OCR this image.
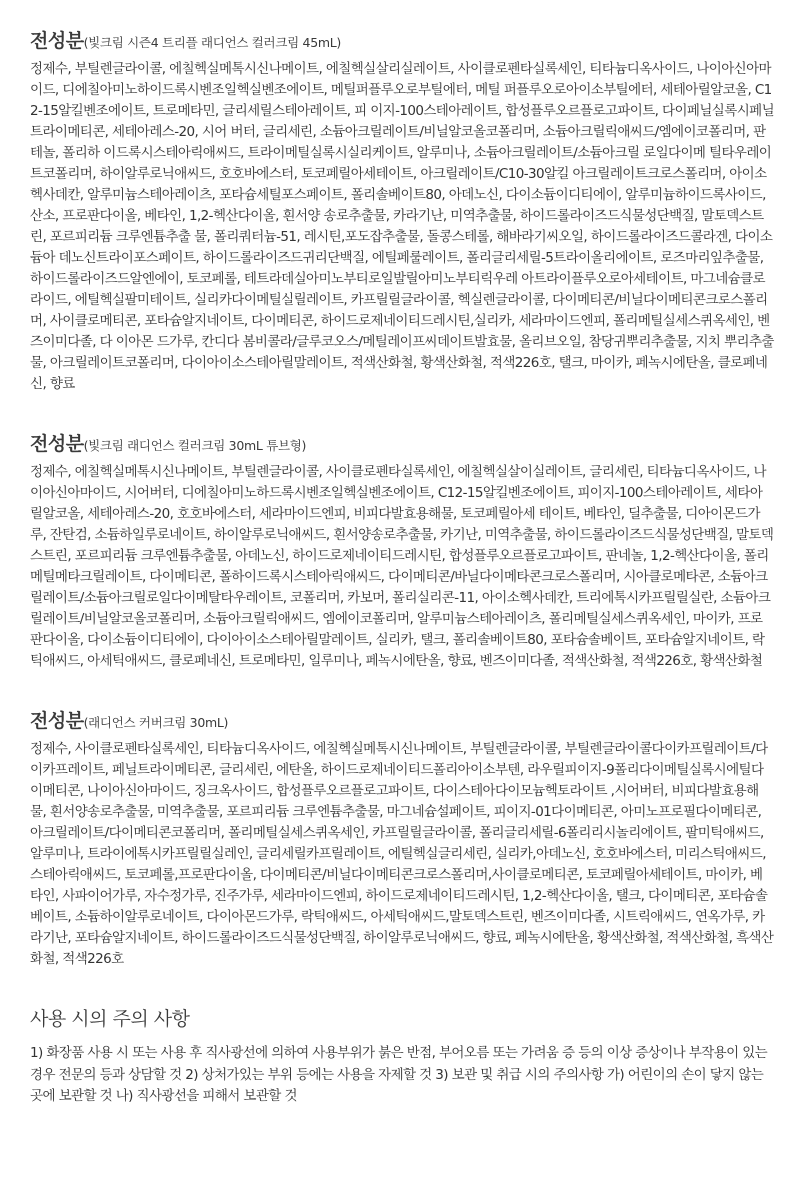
전성분 (빛크림 시즌4 트리플 래디언스 컬러크림 45mL)

정제수, 부틸렌글라이콜, 에칠헥실메톡시신나메이트, 에칠헥실살리실레이트, 사이클로펜타실록세인, 티타늄디옥사이드, 나이아신아마이드, 디에칠아미노하이드록시벤조일헥실벤조에이트, 메틸퍼플루오로부틸에터, 메틸 퍼플루오로아이소부틸에터, 세테아릴알코올, C12-15알킬벤조에이트, 트로메타민, 글리세릴스테아레이트, 피 이지-100스테아레이트, 합성플루오르플로고파이트, 다이페닐실록시페닐트라이메티콘, 세테아레스-20, 시어 버터, 글리세린, 소듐아크릴레이트/비닐알코올코폴리머, 소듐아크릴릭애씨드/엠에이코폴리머, 판테놀, 폴리하 이드록시스테아릭애씨드, 트라이메틸실록시실리케이트, 알루미나, 소듐아크릴레이트/소듐아크릴 로일다이메 틸타우레이트코폴리머, 하이알루로닉애씨드, 호호바에스터, 토코페릴아세테이트, 아크릴레이트/C10-30알킬 아크릴레이트크로스폴리머, 아이소헥사데칸, 알루미늄스테아레이츠, 포타슘세틸포스페이트, 폴리솔베이트80, 아데노신, 다이소듐이디티에이, 알루미늄하이드록사이드, 산소, 프로판다이올, 베타인, 1,2-헥산다이올, 흰서양 송로추출물, 카라기난, 미역추출물, 하이드롤라이즈드식물성단백질, 말토덱스트린, 포르피리듐 크루엔튬추출 물, 폴리쿼터늄-51, 레시틴,포도잡추출물, 돌콩스테롤, 해바라기씨오일, 하이드롤라이즈드콜라겐, 다이소듐아 데노신트라이포스페이트, 하이드롤라이즈드귀리단백질, 에틸페룰레이트, 폴리글리세릴-5트라이올리에이트, 로즈마리잎추출물, 하이드롤라이즈드알엔에이, 토코페롤, 테트라데실아미노부티로일발릴아미노부티릭우레 아트라이플루오로아세테이트, 마그네슘클로라이드, 에틸헥실팔미테이트, 실리카다이메틸실릴레이트, 카프릴릴글라이콜, 헥실렌글라이콜, 다이메티콘/비닐다이메티콘크로스폴리머, 사이클로메티콘, 포타슘알지네이트, 다이메티콘, 하이드로제네이티드레시틴,실리카, 세라마이드엔피, 폴리메틸실세스퀴옥세인, 벤즈이미다졸, 다 이아몬 드가루, 칸디다 봄비콜라/글루코오스/메틸레이프씨데이트발효물, 올리브오일, 참당귀뿌리추출물, 지치 뿌리추출물, 아크릴레이트코폴리머, 다이아이소스테아릴말레이트, 적색산화철, 황색산화철, 적색226호, 탤크, 마이카, 페녹시에탄올, 클로페네신, 향료

전성분 (빛크림 래디언스 컬러크림 30mL 튜브형)

정제수, 에칠헥실메톡시신나메이트, 부틸렌글라이콜, 사이클로펜타실록세인, 에칠헥실살이실레이트, 글리세린, 티타늄디옥사이드, 나이아신아마이드, 시어버터, 디에칠아미노하드록시벤조일헥실벤조에이트, C12-15알킬벤조에이트, 피이지-100스테아레이트, 세타아릴알코올, 세테아레스-20, 호호바에스터, 세라마이드엔피, 비피다발효용해물, 토코페릴아세 테이트, 베타인, 딜추출물, 디아이몬드가루, 잔탄검, 소듐하일루로네이트, 하이알루로닉애씨드, 흰서양송로추출물, 카기난, 미역추출물, 하이드롤라이즈드식물성단백질, 말토덱스트린, 포르피리듐 크루엔튬추출물, 아데노신, 하이드로제네이티드레시틴, 합성플루오르플로고파이트, 판네놀, 1,2-헥산다이올, 폴리메틸메타크릴레이트, 다이메티콘, 폴하이드록시스테아릭애씨드, 다이메티콘/바닐다이메타콘크로스폴리머, 시아클로메타콘, 소듐아크릴레이트/소듐아크릴로일다이메탈타우레이트, 코폴리머, 카보머, 폴리실리콘-11, 아이소헥사데칸, 트리에톡시카프릴릴실란, 소듐아크릴레이트/비닐알코올코폴리머, 소듐아크릴릭애씨드, 엠에이코폴리머, 알루미늄스테아레이츠, 폴리메틸실세스퀴옥세인, 마이카, 프로판다이올, 다이소듐이디티에이, 다이아이소스테아릴말레이트, 실리카, 탤크, 폴리솔베이트80, 포타슘솔베이트, 포타슘알지네이트, 락틱애씨드, 아세틱애씨드, 클로페네신, 트로메타민, 일루미나, 페녹시에탄올, 향료, 벤즈이미다졸, 적색산화철, 적색226호, 황색산화철

전성분 (래디언스 커버크림 30mL)

정제수, 사이클로펜타실록세인, 티타늄디옥사이드, 에칠헥실메톡시신나메이트, 부틸렌글라이콜, 부틸렌글라이콜다이카프릴레이트/다이카프레이트, 페닐트라이메티콘, 글리세린, 에탄올, 하이드로제네이티드폴리아이소부텐, 라우릴피이지-9폴리다이메틸실록시에틸다이메티콘, 나이아신아마이드, 징크옥사이드, 합성플루오르플로고파이트, 다이스테아다이모늄헥토라이트 ,시어버터, 비피다발효용해물, 흰서양송로추출물, 미역추출물, 포르피리듐 크루엔튬추출물, 마그네슘설페이트, 피이지-01다이메티콘, 아미노프로필다이메티콘, 아크릴레이트/다이메티콘코폴리머, 폴리메틸실세스퀴옥세인, 카프릴릴글라이콜, 폴리글리세릴-6폴리리시놀리에이트, 팔미틱애씨드, 알루미나, 트라이에톡시카프릴릴실레인, 글리세릴카프릴레이트, 에틸헥실글리세린, 실리카,아데노신, 호호바에스터, 미리스틱애씨드, 스테아릭애씨드, 토코페롤,프로판다이올, 다이메티콘/비닐다이메티콘크로스폴리머,사이클로메티콘, 토코페릴아세테이트, 마이카, 베타인, 사파이어가루, 자수정가루, 진주가루, 세라마이드엔피, 하이드로제네이티드레시틴, 1,2-헥산다이올, 탤크, 다이메티콘, 포타슘솔베이트, 소듐하이알루로네이트, 다이아몬드가루, 락틱애씨드, 아세틱애씨드,말토덱스트린, 벤즈이미다졸, 시트릭애씨드, 연옥가루, 카라기난, 포타슘알지네이트, 하이드롤라이즈드식물성단백질, 하이알루로닉애씨드, 향료, 페녹시에탄올, 황색산화철, 적색산화철, 흑색산화철, 적색226호

사용 시의 주의 사항

1) 화장품 사용 시 또는 사용 후 직사광선에 의하여 사용부위가 붉은 반점, 부어오름 또는 가려움 증 등의 이상 증상이나 부작용이 있는 경우 전문의 등과 상담할 것 2) 상처가있는 부위 등에는 사용을 자제할 것 3) 보관 및 취급 시의 주의사항 가) 어린이의 손이 닿지 않는 곳에 보관할 것 나) 직사광선을 피해서 보관할 것
